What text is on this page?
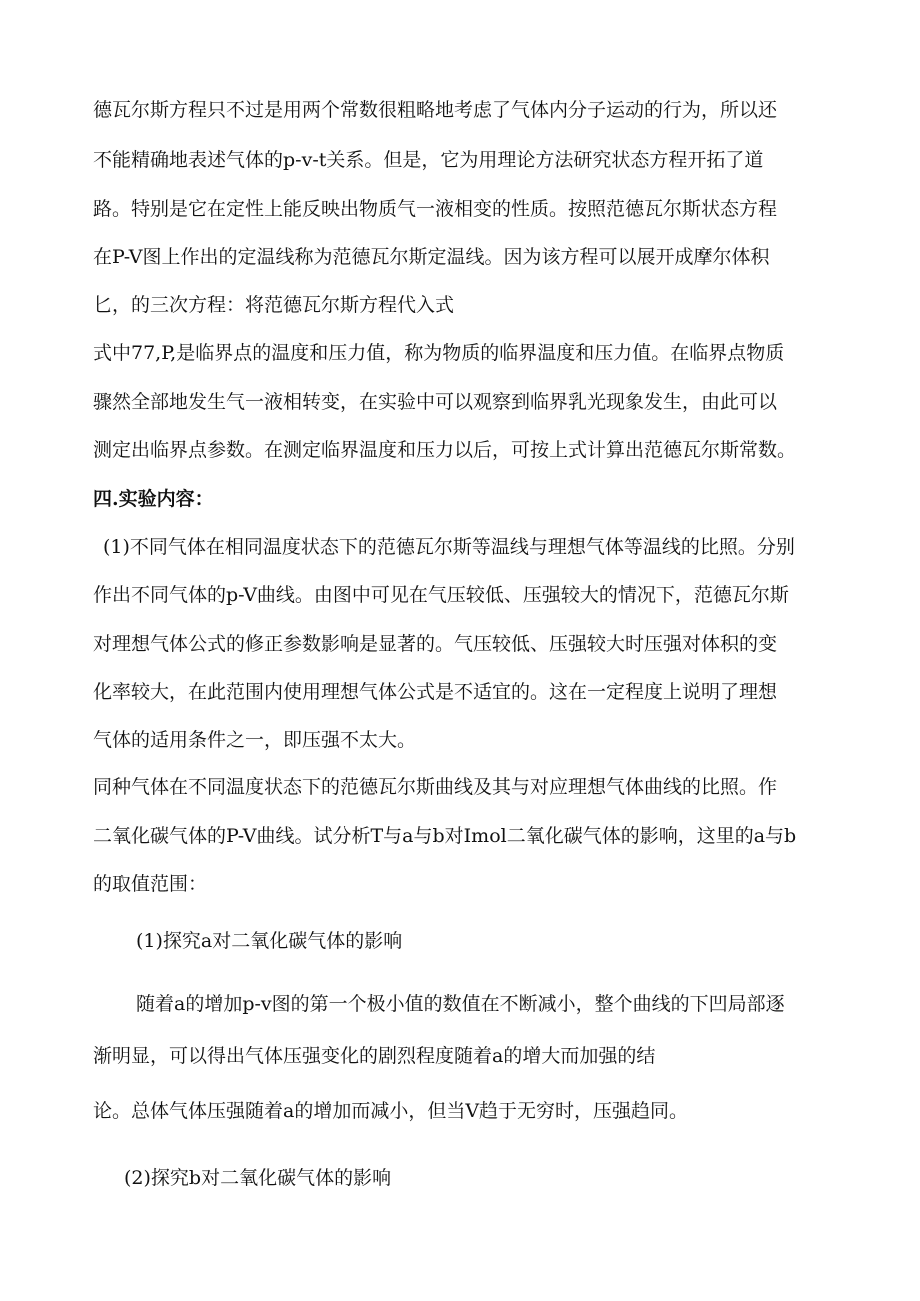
德瓦尔斯方程只不过是用两个常数很粗略地考虑了气体内分子运动的行为，所以还
不能精确地表述气体的p-v-t关系。但是，它为用理论方法研究状态方程开拓了道
路。特别是它在定性上能反映出物质气一液相变的性质。按照范德瓦尔斯状态方程
在P-V图上作出的定温线称为范德瓦尔斯定温线。因为该方程可以展开成摩尔体积
匕，的三次方程：将范德瓦尔斯方程代入式
式中77,P,是临界点的温度和压力值，称为物质的临界温度和压力值。在临界点物质
骤然全部地发生气一液相转变，在实验中可以观察到临界乳光现象发生，由此可以
测定出临界点参数。在测定临界温度和压力以后，可按上式计算出范德瓦尔斯常数。
四.实验内容：
(1)不同气体在相同温度状态下的范德瓦尔斯等温线与理想气体等温线的比照。分别
作出不同气体的p-V曲线。由图中可见在气压较低、压强较大的情况下，范德瓦尔斯
对理想气体公式的修正参数影响是显著的。气压较低、压强较大时压强对体积的变
化率较大，在此范围内使用理想气体公式是不适宜的。这在一定程度上说明了理想
气体的适用条件之一，即压强不太大。
同种气体在不同温度状态下的范德瓦尔斯曲线及其与对应理想气体曲线的比照。作
二氧化碳气体的P-V曲线。试分析T与a与b对Imol二氧化碳气体的影响，这里的a与b
的取值范围：
(1)探究a对二氧化碳气体的影响
随着a的增加p-v图的第一个极小值的数值在不断减小，整个曲线的下凹局部逐
渐明显，可以得出气体压强变化的剧烈程度随着a的增大而加强的结
论。总体气体压强随着a的增加而减小，但当V趋于无穷时，压强趋同。
(2)探究b对二氧化碳气体的影响
